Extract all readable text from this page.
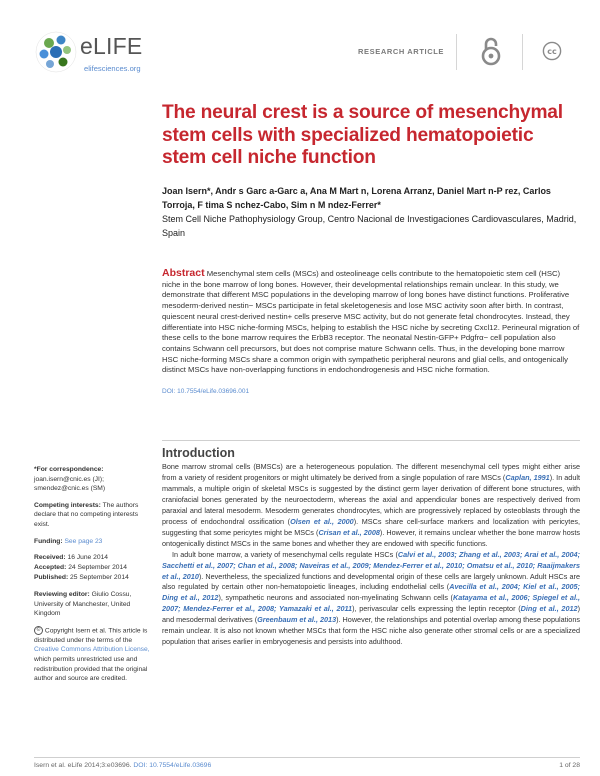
eLIFE
elifesciences.org
RESEARCH ARTICLE	cc
The neural crest is a source of mesenchymal stem cells with specialized hematopoietic stem cell niche function

Joan Isern*, Andr s Garc a-Garc a, Ana M Mart n, Lorena Arranz, Daniel Mart n-P rez, Carlos Torroja, F tima S nchez-Cabo, Sim n M ndez-Ferrer*

Stem Cell Niche Pathophysiology Group, Centro Nacional de Investigaciones Cardiovasculares, Madrid, Spain

Abstract Mesenchymal stem cells (MSCs) and osteolineage cells contribute to the hematopoietic stem cell (HSC) niche in the bone marrow of long bones. However, their developmental relationships remain unclear. In this study, we demonstrate that different MSC populations in the developing marrow of long bones have distinct functions. Proliferative mesoderm-derived nestin− MSCs participate in fetal skeletogenesis and lose MSC activity soon after birth. In contrast, quiescent neural crest-derived nestin+ cells preserve MSC activity, but do not generate fetal chondrocytes. Instead, they differentiate into HSC niche-forming MSCs, helping to establish the HSC niche by secreting Cxcl12. Perineural migration of these cells to the bone marrow requires the ErbB3 receptor. The neonatal Nestin-GFP+ Pdgfrα− cell population also contains Schwann cell precursors, but does not comprise mature Schwann cells. Thus, in the developing bone marrow HSC niche-forming MSCs share a common origin with sympathetic peripheral neurons and glial cells, and ontogenically distinct MSCs have non-overlapping functions in endochondrogenesis and HSC niche formation.

DOI: 10.7554/eLife.03696.001

*For correspondence: joan.isern@cnic.es (JI); smendez@cnic.es (SM)

Competing interests: The authors declare that no competing interests exist.

Funding: See page 23

Received: 16 June 2014
Accepted: 24 September 2014
Published: 25 September 2014

Reviewing editor: Giulio Cossu, University of Manchester, United Kingdom

© Copyright Isern et al. This article is distributed under the terms of the Creative Commons Attribution License, which permits unrestricted use and redistribution provided that the original author and source are credited.

Introduction

Bone marrow stromal cells (BMSCs) are a heterogeneous population. The different mesenchymal cell types might either arise from a variety of resident progenitors or might ultimately be derived from a single population of rare MSCs (Caplan, 1991). In adult mammals, a multiple origin of skeletal MSCs is suggested by the distinct germ layer derivation of different bone structures, with craniofacial bones generated by the neuroectoderm, whereas the axial and appendicular bones are respectively derived from paraxial and lateral mesoderm. Mesoderm generates chondrocytes, which are progressively replaced by osteoblasts through the process of endochondral ossification (Olsen et al., 2000). MSCs share cell-surface markers and localization with pericytes, suggesting that some pericytes might be MSCs (Crisan et al., 2008). However, it remains unclear whether the bone marrow hosts ontogenically distinct MSCs in the same bones and whether they are endowed with specific functions.

In adult bone marrow, a variety of mesenchymal cells regulate HSCs (Calvi et al., 2003; Zhang et al., 2003; Arai et al., 2004; Sacchetti et al., 2007; Chan et al., 2008; Naveiras et al., 2009; Mendez-Ferrer et al., 2010; Omatsu et al., 2010; Raaijmakers et al., 2010). Nevertheless, the specialized functions and developmental origin of these cells are largely unknown. Adult HSCs are also regulated by certain other non-hematopoietic lineages, including endothelial cells (Avecilla et al., 2004; Kiel et al., 2005; Ding et al., 2012), sympathetic neurons and associated non-myelinating Schwann cells (Katayama et al., 2006; Spiegel et al., 2007; Mendez-Ferrer et al., 2008; Yamazaki et al., 2011), perivascular cells expressing the leptin receptor (Ding et al., 2012) and mesodermal derivatives (Greenbaum et al., 2013). However, the relationships and potential overlap among these populations remain unclear. It is also not known whether MSCs that form the HSC niche also generate other stromal cells or are a specialized population that arises earlier in embryogenesis and persists into adulthood.

Isern et al. eLife 2014;3:e03696. DOI: 10.7554/eLife.03696	1 of 28
